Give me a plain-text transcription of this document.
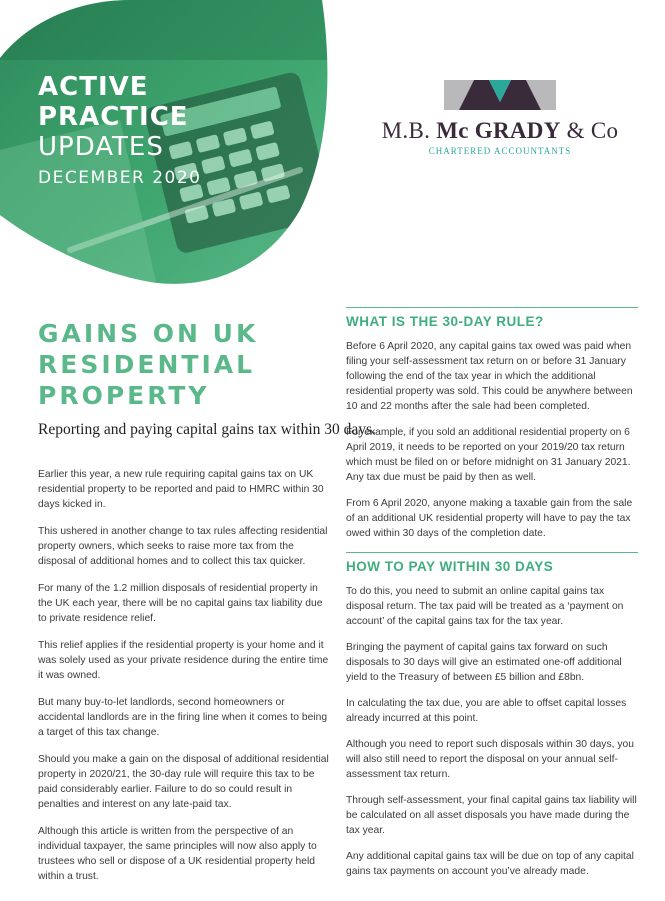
ACTIVE
PRACTICE
UPDATES
DECEMBER 2020
M.B. Mc GRADY & Co
CHARTERED ACCOUNTANTS
GAINS ON UK RESIDENTIAL PROPERTY
Reporting and paying capital gains tax within 30 days.

Earlier this year, a new rule requiring capital gains tax on UK residential property to be reported and paid to HMRC within 30 days kicked in.

This ushered in another change to tax rules affecting residential property owners, which seeks to raise more tax from the disposal of additional homes and to collect this tax quicker.

For many of the 1.2 million disposals of residential property in the UK each year, there will be no capital gains tax liability due to private residence relief.

This relief applies if the residential property is your home and it was solely used as your private residence during the entire time it was owned.

But many buy-to-let landlords, second homeowners or accidental landlords are in the firing line when it comes to being a target of this tax change.

Should you make a gain on the disposal of additional residential property in 2020/21, the 30-day rule will require this tax to be paid considerably earlier. Failure to do so could result in penalties and interest on any late-paid tax.

Although this article is written from the perspective of an individual taxpayer, the same principles will now also apply to trustees who sell or dispose of a UK residential property held within a trust.

WHAT IS THE 30-DAY RULE?

Before 6 April 2020, any capital gains tax owed was paid when filing your self-assessment tax return on or before 31 January following the end of the tax year in which the additional residential property was sold. This could be anywhere between 10 and 22 months after the sale had been completed.

For example, if you sold an additional residential property on 6 April 2019, it needs to be reported on your 2019/20 tax return which must be filed on or before midnight on 31 January 2021. Any tax due must be paid by then as well.

From 6 April 2020, anyone making a taxable gain from the sale of an additional UK residential property will have to pay the tax owed within 30 days of the completion date.

HOW TO PAY WITHIN 30 DAYS

To do this, you need to submit an online capital gains tax disposal return. The tax paid will be treated as a ‘payment on account’ of the capital gains tax for the tax year.

Bringing the payment of capital gains tax forward on such disposals to 30 days will give an estimated one-off additional yield to the Treasury of between £5 billion and £8bn.

In calculating the tax due, you are able to offset capital losses already incurred at this point.

Although you need to report such disposals within 30 days, you will also still need to report the disposal on your annual self-assessment tax return.

Through self-assessment, your final capital gains tax liability will be calculated on all asset disposals you have made during the tax year.

Any additional capital gains tax will be due on top of any capital gains tax payments on account you’ve already made.
